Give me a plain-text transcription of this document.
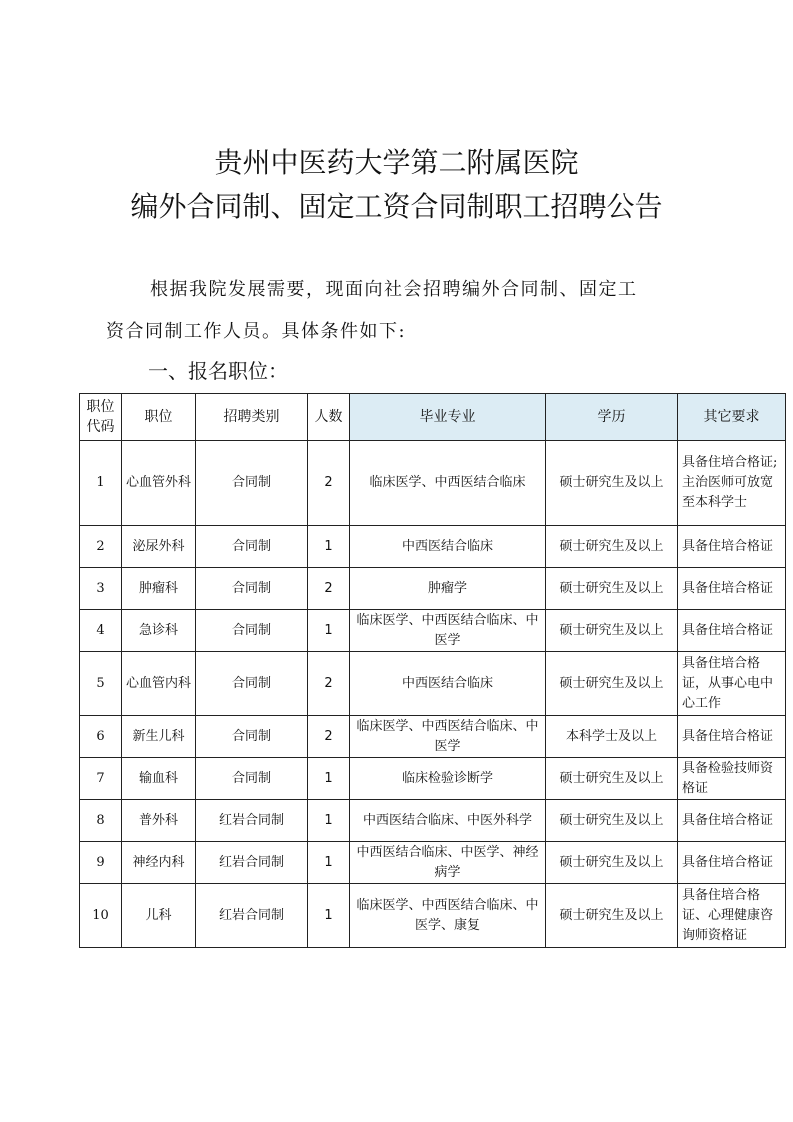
贵州中医药大学第二附属医院
编外合同制、固定工资合同制职工招聘公告
根据我院发展需要，现面向社会招聘编外合同制、固定工
资合同制工作人员。具体条件如下:
一、报名职位：
职位代码	职位	招聘类别	人数	毕业专业	学历	其它要求
1	心血管外科	合同制	2	临床医学、中西医结合临床	硕士研究生及以上	具备住培合格证;主治医师可放宽至本科学士
2	泌尿外科	合同制	1	中西医结合临床	硕士研究生及以上	具备住培合格证
3	肿瘤科	合同制	2	肿瘤学	硕士研究生及以上	具备住培合格证
4	急诊科	合同制	1	临床医学、中西医结合临床、中医学	硕士研究生及以上	具备住培合格证
5	心血管内科	合同制	2	中西医结合临床	硕士研究生及以上	具备住培合格证，从事心电中心工作
6	新生儿科	合同制	2	临床医学、中西医结合临床、中医学	本科学士及以上	具备住培合格证
7	输血科	合同制	1	临床检验诊断学	硕士研究生及以上	具备检验技师资格证
8	普外科	红岩合同制	1	中西医结合临床、中医外科学	硕士研究生及以上	具备住培合格证
9	神经内科	红岩合同制	1	中西医结合临床、中医学、神经病学	硕士研究生及以上	具备住培合格证
10	儿科	红岩合同制	1	临床医学、中西医结合临床、中医学、康复	硕士研究生及以上	具备住培合格证、心理健康咨询师资格证
